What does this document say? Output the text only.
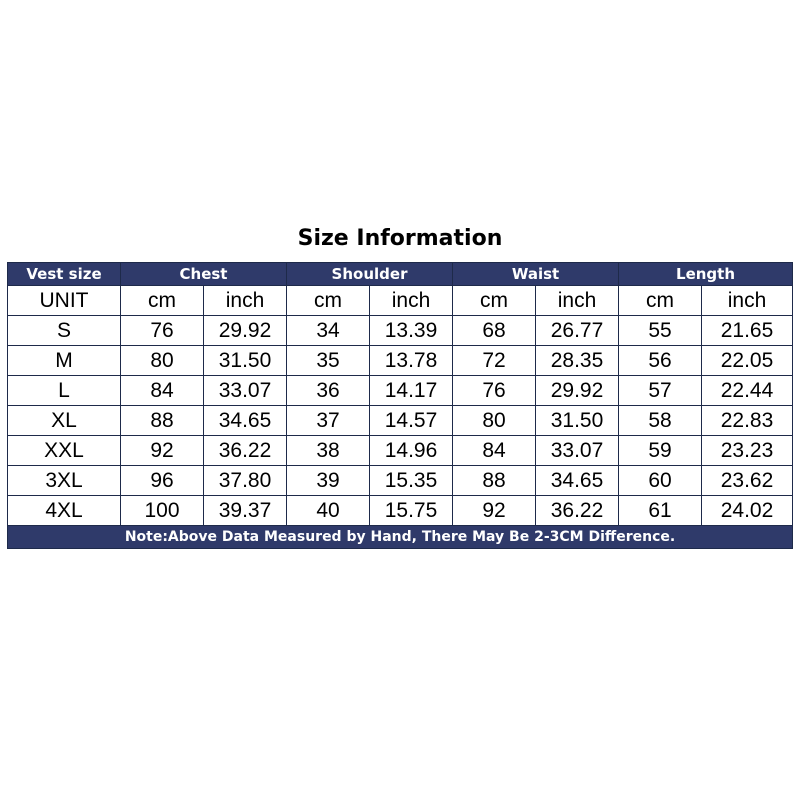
Size Information
Vest size	Chest		Shoulder		Waist		Length	
UNIT	cm	inch	cm	inch	cm	inch	cm	inch
S	76	29.92	34	13.39	68	26.77	55	21.65
M	80	31.50	35	13.78	72	28.35	56	22.05
L	84	33.07	36	14.17	76	29.92	57	22.44
XL	88	34.65	37	14.57	80	31.50	58	22.83
XXL	92	36.22	38	14.96	84	33.07	59	23.23
3XL	96	37.80	39	15.35	88	34.65	60	23.62
4XL	100	39.37	40	15.75	92	36.22	61	24.02
Note:Above Data Measured by Hand, There May Be 2-3CM Difference.								
